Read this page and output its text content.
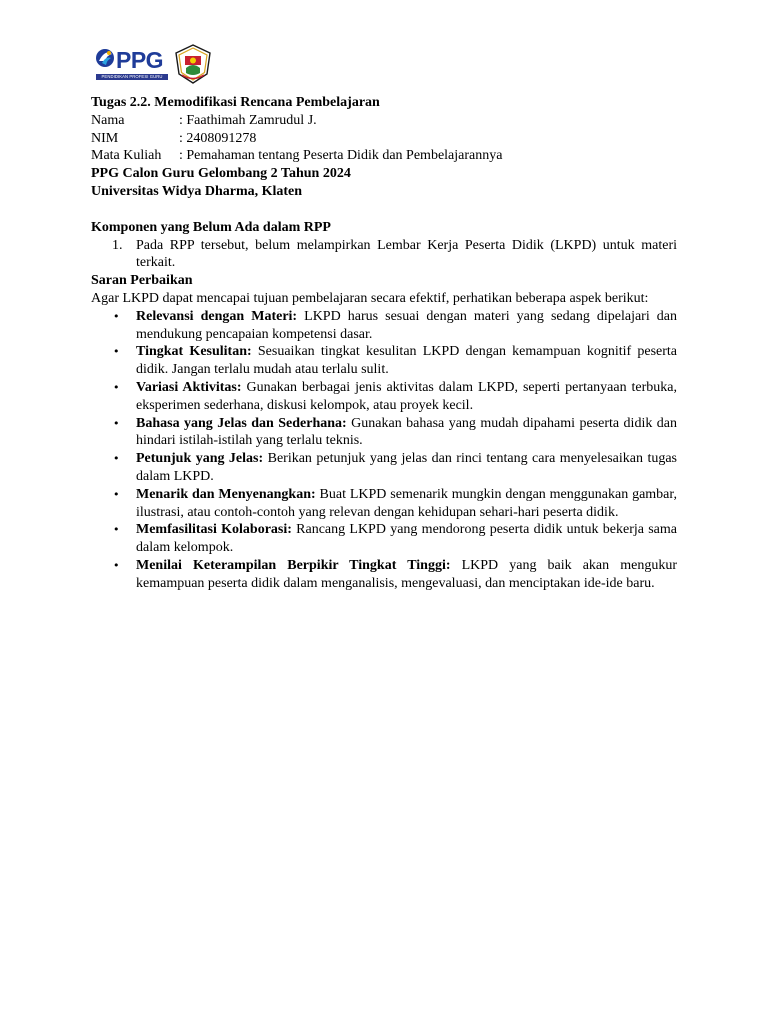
PPG
PENDIDIKAN PROFESI GURU

Tugas 2.2. Memodifikasi Rencana Pembelajaran

Nama	: Faathimah Zamrudul J.
NIM	: 2408091278
Mata Kuliah	: Pemahaman tentang Peserta Didik dan Pembelajarannya

PPG Calon Guru Gelombang 2 Tahun 2024

Universitas Widya Dharma, Klaten

Komponen yang Belum Ada dalam RPP

1. Pada RPP tersebut, belum melampirkan Lembar Kerja Peserta Didik (LKPD) untuk materi terkait.

Saran Perbaikan

Agar LKPD dapat mencapai tujuan pembelajaran secara efektif, perhatikan beberapa aspek berikut:

• Relevansi dengan Materi: LKPD harus sesuai dengan materi yang sedang dipelajari dan mendukung pencapaian kompetensi dasar.
• Tingkat Kesulitan: Sesuaikan tingkat kesulitan LKPD dengan kemampuan kognitif peserta didik. Jangan terlalu mudah atau terlalu sulit.
• Variasi Aktivitas: Gunakan berbagai jenis aktivitas dalam LKPD, seperti pertanyaan terbuka, eksperimen sederhana, diskusi kelompok, atau proyek kecil.
• Bahasa yang Jelas dan Sederhana: Gunakan bahasa yang mudah dipahami peserta didik dan hindari istilah-istilah yang terlalu teknis.
• Petunjuk yang Jelas: Berikan petunjuk yang jelas dan rinci tentang cara menyelesaikan tugas dalam LKPD.
• Menarik dan Menyenangkan: Buat LKPD semenarik mungkin dengan menggunakan gambar, ilustrasi, atau contoh-contoh yang relevan dengan kehidupan sehari-hari peserta didik.
• Memfasilitasi Kolaborasi: Rancang LKPD yang mendorong peserta didik untuk bekerja sama dalam kelompok.
• Menilai Keterampilan Berpikir Tingkat Tinggi: LKPD yang baik akan mengukur kemampuan peserta didik dalam menganalisis, mengevaluasi, dan menciptakan ide-ide baru.
